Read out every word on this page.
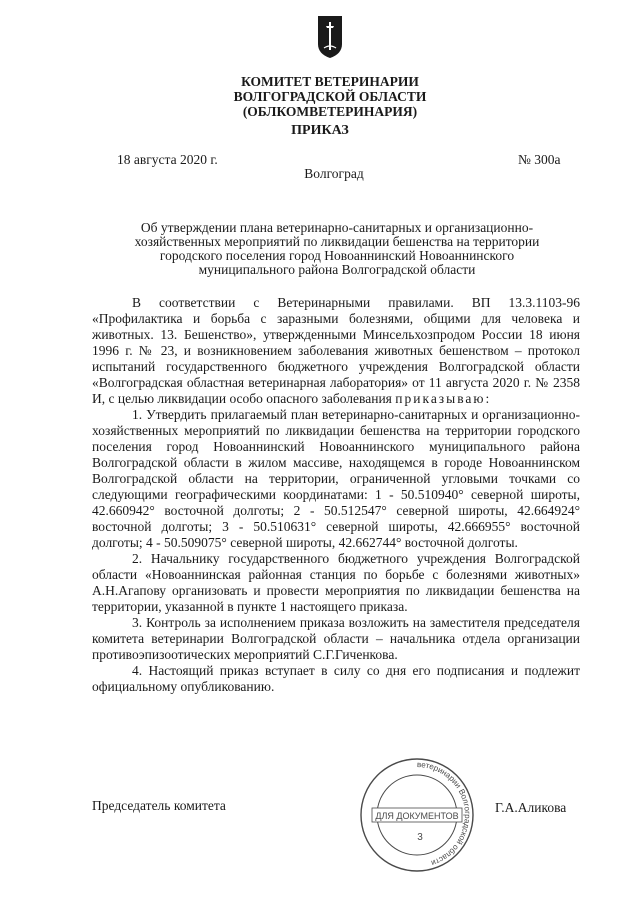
КОМИТЕТ ВЕТЕРИНАРИИ
ВОЛГОГРАДСКОЙ ОБЛАСТИ
(ОБЛКОМВЕТЕРИНАРИЯ)
ПРИКАЗ
18 августа 2020 г.	№ 300а
Волгоград
Об утверждении плана ветеринарно-санитарных и организационно-
хозяйственных мероприятий по ликвидации бешенства на территории
городского поселения город Новоаннинский Новоаннинского
муниципального района Волгоградской области

В соответствии с Ветеринарными правилами. ВП 13.3.1103-96 «Профилактика и борьба с заразными болезнями, общими для человека и животных. 13. Бешенство», утвержденными Минсельхозпродом России 18 июня 1996 г. № 23, и возникновением заболевания животных бешенством – протокол испытаний государственного бюджетного учреждения Волгоградской области «Волгоградская областная ветеринарная лаборатория» от 11 августа 2020 г. № 2358 И, с целью ликвидации особо опасного заболевания приказываю:

1. Утвердить прилагаемый план ветеринарно-санитарных и организационно-хозяйственных мероприятий по ликвидации бешенства на территории городского поселения город Новоаннинский Новоаннинского муниципального района Волгоградской области в жилом массиве, находящемся в городе Новоаннинском Волгоградской области на территории, ограниченной угловыми точками со следующими географическими координатами: 1 - 50.510940° северной широты, 42.660942° восточной долготы; 2 - 50.512547° северной широты, 42.664924° восточной долготы; 3 - 50.510631° северной широты, 42.666955° восточной долготы; 4 - 50.509075° северной широты, 42.662744° восточной долготы.

2. Начальнику государственного бюджетного учреждения Волгоградской области «Новоаннинская районная станция по борьбе с болезнями животных» А.Н.Агапову организовать и провести мероприятия по ликвидации бешенства на территории, указанной в пункте 1 настоящего приказа.

3. Контроль за исполнением приказа возложить на заместителя председателя комитета ветеринарии Волгоградской области – начальника отдела организации противоэпизоотических мероприятий С.Г.Гиченкова.

4. Настоящий приказ вступает в силу со дня его подписания и подлежит официальному опубликованию.

Председатель комитета	Г.А.Аликова
ветеринарии Волгоградской области
ДЛЯ ДОКУМЕНТОВ
3
